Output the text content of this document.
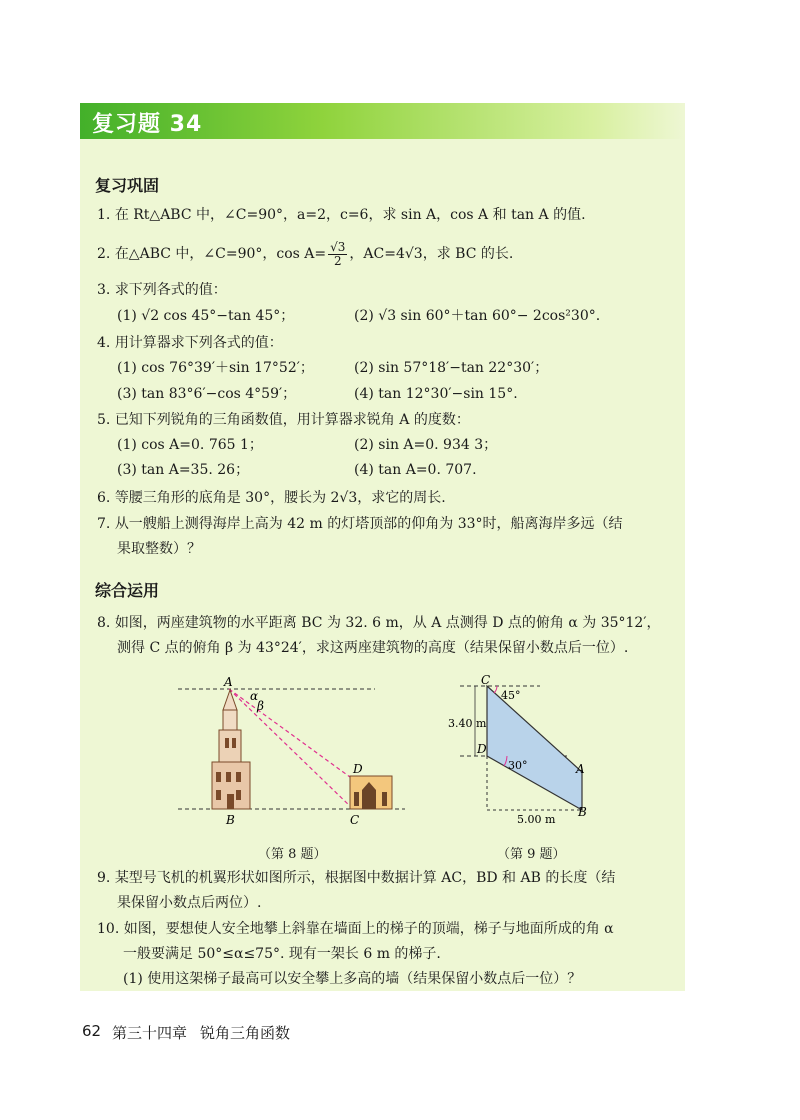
复习题 34
复习巩固
1. 在 Rt△ABC 中，∠C=90°，a=2，c=6，求 sin A，cos A 和 tan A 的值.
2. 在△ABC 中，∠C=90°，$\cos A= \frac{√3}{2}$ ，AC=4√3，求 BC 的长.
3. 求下列各式的值：
(1) √2 cos 45°−tan 45°；	(2) √3 sin 60°＋tan 60°− 2cos²30°.
4. 用计算器求下列各式的值：
(1) cos 76°39′＋sin 17°52′；	(2) sin 57°18′−tan 22°30′；
(3) tan 83°6′−cos 4°59′；	(4) tan 12°30′−sin 15°.
5. 已知下列锐角的三角函数值，用计算器求锐角 A 的度数：
(1) cos A=0. 765 1；	(2) sin A=0. 934 3；
(3) tan A=35. 26；	(4) tan A=0. 707.
6. 等腰三角形的底角是 30°，腰长为 2√3，求它的周长.
7. 从一艘船上测得海岸上高为 42 m 的灯塔顶部的仰角为 33°时，船离海岸多远（结
果取整数）？
综合运用
8. 如图，两座建筑物的水平距离 BC 为 32. 6 m，从 A 点测得 D 点的俯角 α 为 35°12′，
测得 C 点的俯角 β 为 43°24′，求这两座建筑物的高度（结果保留小数点后一位）.
A
α
β
D
B	C
（第 8 题）
C
45°
3.40 m
D
30°	A
B
5.00 m
（第 9 题）
9. 某型号飞机的机翼形状如图所示，根据图中数据计算 AC，BD 和 AB 的长度（结
果保留小数点后两位）.
10. 如图，要想使人安全地攀上斜靠在墙面上的梯子的顶端，梯子与地面所成的角 α
一般要满足 50°≤α≤75°. 现有一架长 6 m 的梯子.
(1) 使用这架梯子最高可以安全攀上多高的墙（结果保留小数点后一位）？
62 第三十四章 锐角三角函数
